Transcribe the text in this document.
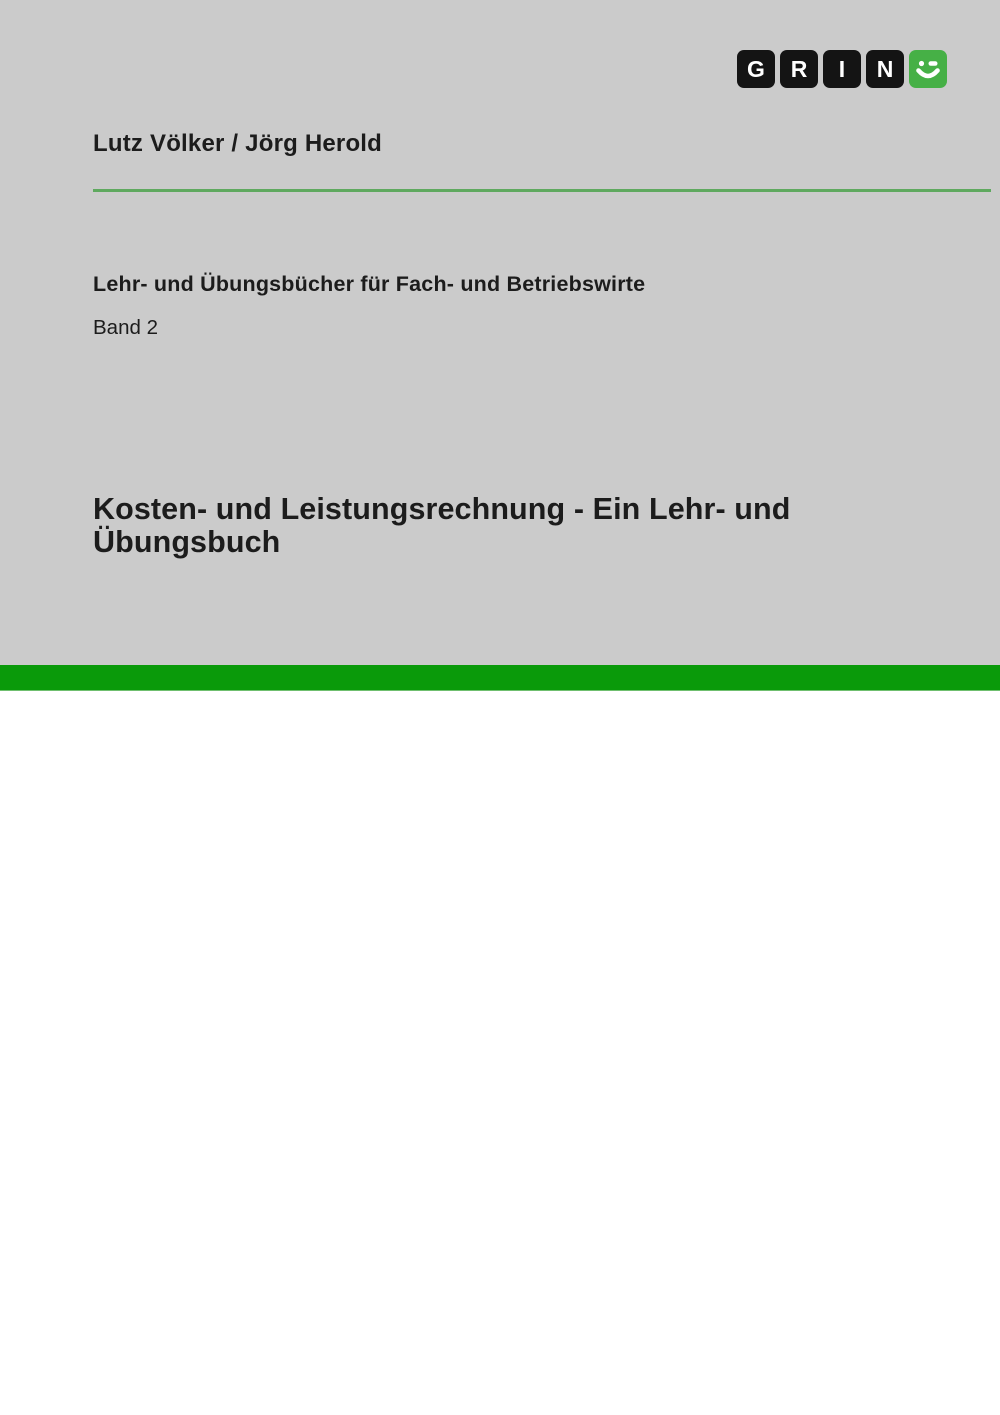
G R I N
Lutz Völker / Jörg Herold
Lehr- und Übungsbücher für Fach- und Betriebswirte
Band 2
Kosten- und Leistungsrechnung - Ein Lehr- und Übungsbuch
